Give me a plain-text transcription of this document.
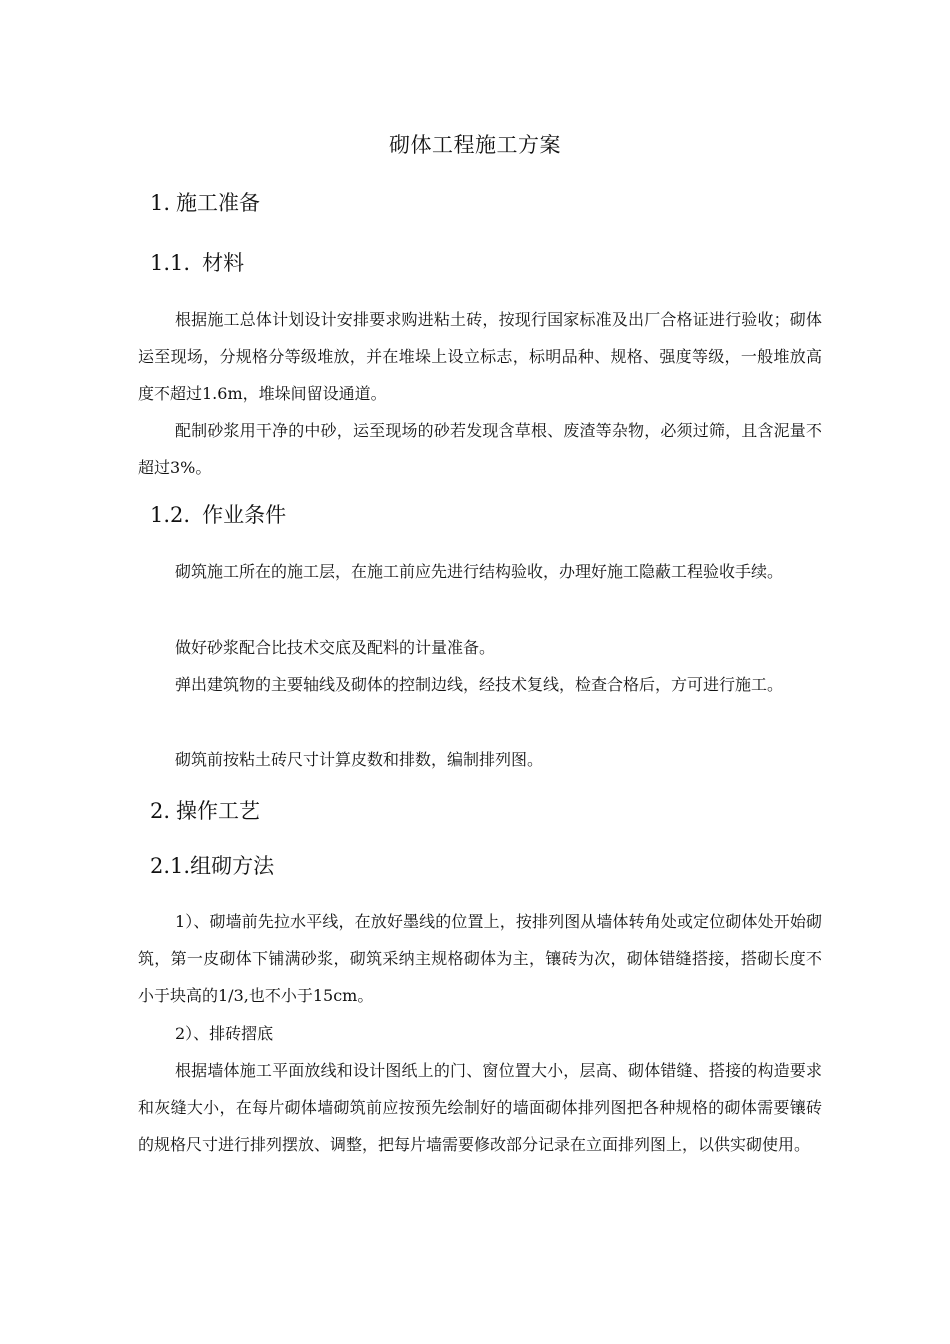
砌体工程施工方案
1. 施工准备
1.1. 材料

根据施工总体计划设计安排要求购进粘土砖，按现行国家标准及出厂合格证进行验收；砌体运至现场，分规格分等级堆放，并在堆垛上设立标志，标明品种、规格、强度等级，一般堆放高度不超过1.6m，堆垛间留设通道。

配制砂浆用干净的中砂，运至现场的砂若发现含草根、废渣等杂物，必须过筛，且含泥量不超过3%。

1.2. 作业条件

砌筑施工所在的施工层，在施工前应先进行结构验收，办理好施工隐蔽工程验收手续。

做好砂浆配合比技术交底及配料的计量准备。

弹出建筑物的主要轴线及砌体的控制边线，经技术复线，检查合格后，方可进行施工。

砌筑前按粘土砖尺寸计算皮数和排数，编制排列图。

2. 操作工艺
2.1.组砌方法

1）、砌墙前先拉水平线，在放好墨线的位置上，按排列图从墙体转角处或定位砌体处开始砌筑，第一皮砌体下铺满砂浆，砌筑采纳主规格砌体为主，镶砖为次，砌体错缝搭接，搭砌长度不小于块高的1/3,也不小于15cm。

2）、排砖摺底

根据墙体施工平面放线和设计图纸上的门、窗位置大小，层高、砌体错缝、搭接的构造要求和灰缝大小，在每片砌体墙砌筑前应按预先绘制好的墙面砌体排列图把各种规格的砌体需要镶砖的规格尺寸进行排列摆放、调整，把每片墙需要修改部分记录在立面排列图上，以供实砌使用。
